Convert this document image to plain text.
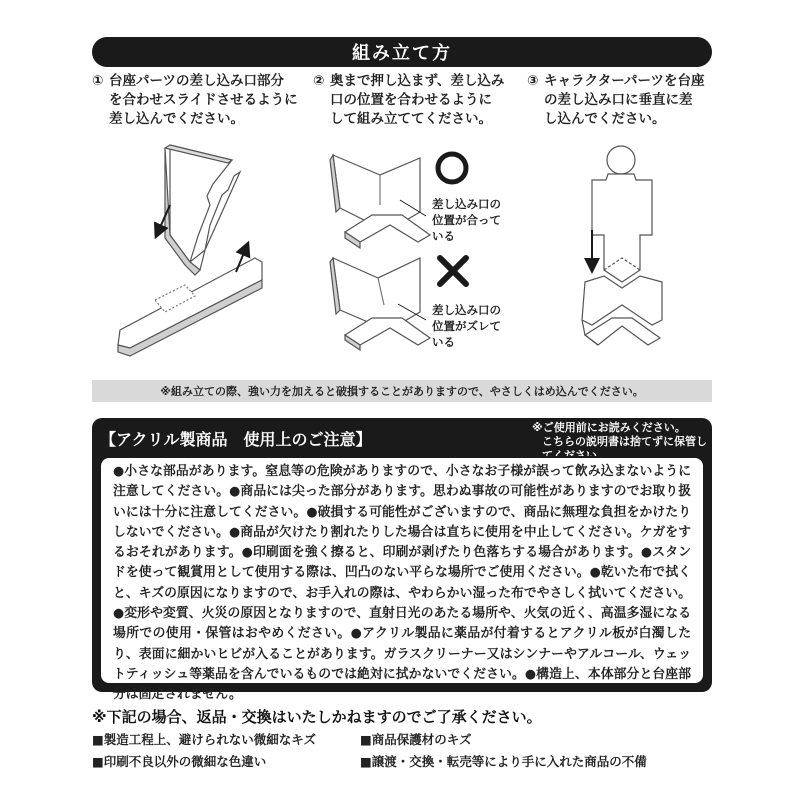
組み立て方
① 台座パーツの差し込み口部分
を合わせスライドさせるように
差し込んでください。
② 奥まで押し込まず、差し込み
口の位置を合わせるように
して組み立ててください。
③ キャラクターパーツを台座
の差し込み口に垂直に差
し込んでください。
差し込み口の
位置が合って
いる
差し込み口の
位置がズレて
いる
※組み立ての際、強い力を加えると破損することがありますので、やさしくはめ込んでください。
【アクリル製商品　使用上のご注意】
※ご使用前にお読みください。
こちらの説明書は捨てずに保管し
●小さな部品があります。窒息等の危険がありますので、小さなお子様が誤って飲み込まないように注意してください。●商品には尖った部分があります。思わぬ事故の可能性がありますのでお取り扱いには十分に注意してください。●破損する可能性がございますので、商品に無理な負担をかけたりしないでください。●商品が欠けたり割れたりした場合は直ちに使用を中止してください。ケガをするおそれがあります。●印刷面を強く擦ると、印刷が剥げたり色落ちする場合があります。●スタンドを使って観賞用として使用する際は、凹凸のない平らな場所でご使用ください。●乾いた布で拭くと、キズの原因になりますので、お手入れの際は、やわらかい湿った布でやさしく拭いてください。●変形や変質、火災の原因となりますので、直射日光のあたる場所や、火気の近く、高温多湿になる場所での使用・保管はおやめください。●アクリル製品に薬品が付着するとアクリル板が白濁したり、表面に細かいヒビが入ることがあります。ガラスクリーナー又はシンナーやアルコール、ウェットティッシュ等薬品を含んでいるものでは絶対に拭かないでください。●構造上、本体部分と台座部分は固定されません。
※下記の場合、返品・交換はいたしかねますのでご了承ください。
■製造工程上、避けられない微細なキズ
■印刷不良以外の微細な色違い
■商品保護材のキズ
■譲渡・交換・転売等により手に入れた商品の不備
